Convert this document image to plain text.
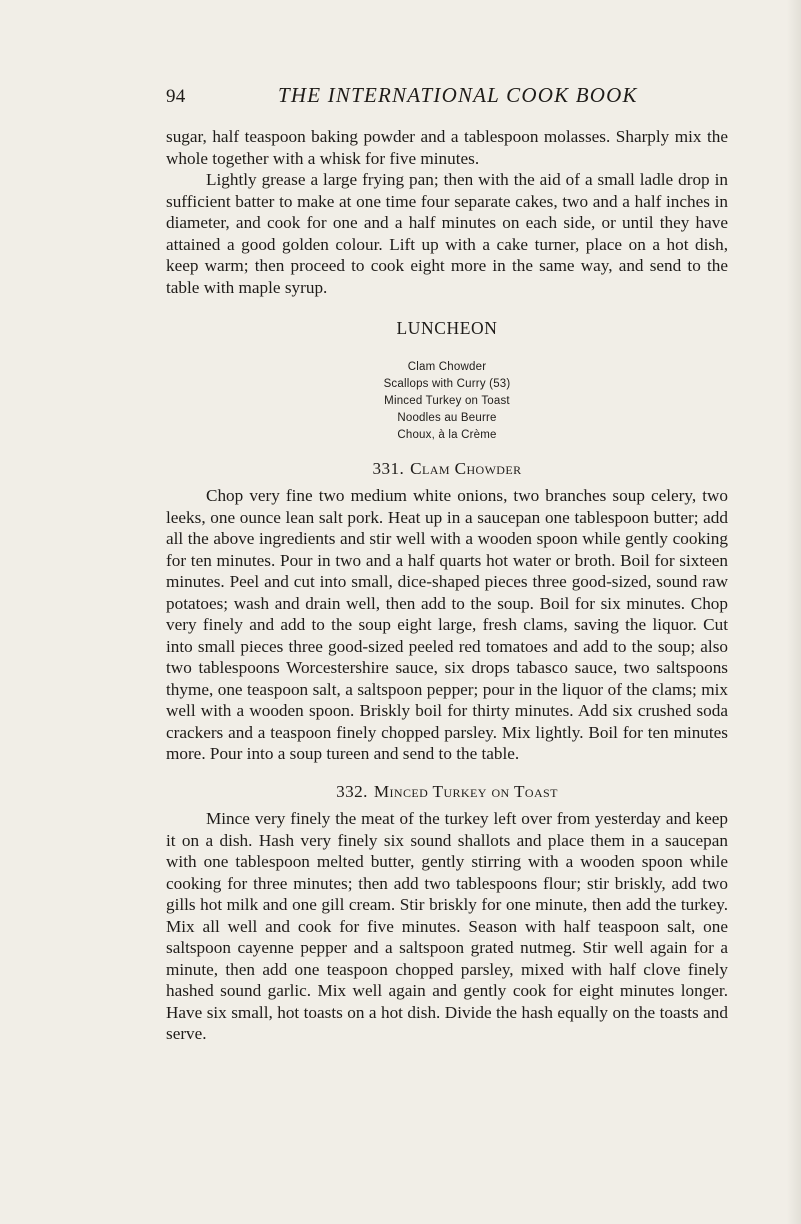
94	THE INTERNATIONAL COOK BOOK

sugar, half teaspoon baking powder and a tablespoon molasses. Sharply mix the whole together with a whisk for five minutes.

Lightly grease a large frying pan; then with the aid of a small ladle drop in sufficient batter to make at one time four separate cakes, two and a half inches in diameter, and cook for one and a half minutes on each side, or until they have attained a good golden colour. Lift up with a cake turner, place on a hot dish, keep warm; then proceed to cook eight more in the same way, and send to the table with maple syrup.

LUNCHEON
Clam Chowder
Scallops with Curry (53)
Minced Turkey on Toast
Noodles au Beurre
Choux, à la Crème
331. Clam Chowder

Chop very fine two medium white onions, two branches soup celery, two leeks, one ounce lean salt pork. Heat up in a saucepan one tablespoon butter; add all the above ingredients and stir well with a wooden spoon while gently cooking for ten minutes. Pour in two and a half quarts hot water or broth. Boil for sixteen minutes. Peel and cut into small, dice-shaped pieces three good-sized, sound raw potatoes; wash and drain well, then add to the soup. Boil for six minutes. Chop very finely and add to the soup eight large, fresh clams, saving the liquor. Cut into small pieces three good-sized peeled red tomatoes and add to the soup; also two tablespoons Worcestershire sauce, six drops tabasco sauce, two saltspoons thyme, one teaspoon salt, a saltspoon pepper; pour in the liquor of the clams; mix well with a wooden spoon. Briskly boil for thirty minutes. Add six crushed soda crackers and a teaspoon finely chopped parsley. Mix lightly. Boil for ten minutes more. Pour into a soup tureen and send to the table.

332. Minced Turkey on Toast

Mince very finely the meat of the turkey left over from yesterday and keep it on a dish. Hash very finely six sound shallots and place them in a saucepan with one tablespoon melted butter, gently stirring with a wooden spoon while cooking for three minutes; then add two tablespoons flour; stir briskly, add two gills hot milk and one gill cream. Stir briskly for one minute, then add the turkey. Mix all well and cook for five minutes. Season with half teaspoon salt, one saltspoon cayenne pepper and a saltspoon grated nutmeg. Stir well again for a minute, then add one teaspoon chopped parsley, mixed with half clove finely hashed sound garlic. Mix well again and gently cook for eight minutes longer. Have six small, hot toasts on a hot dish. Divide the hash equally on the toasts and serve.
